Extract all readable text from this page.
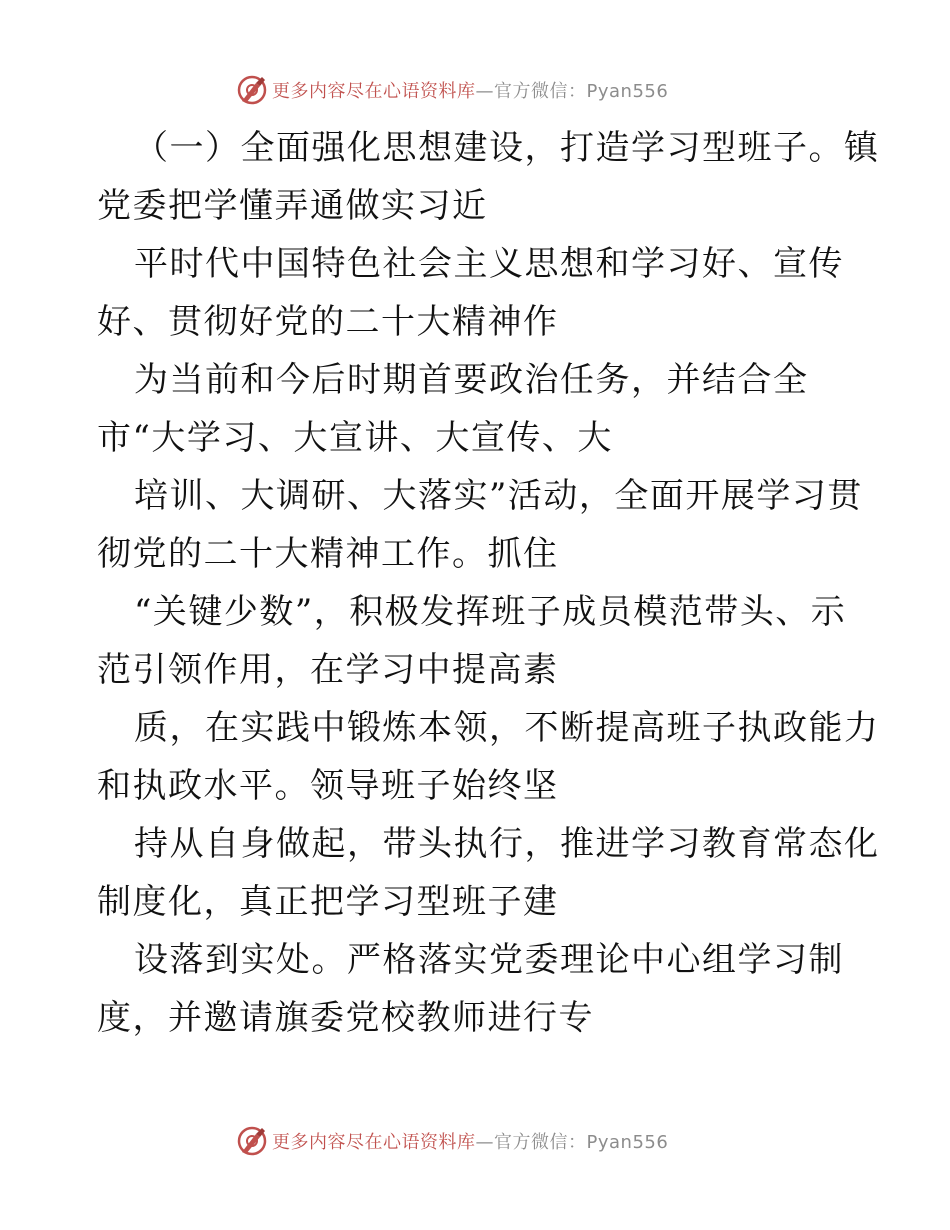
更多内容尽在心语资料库 —官方微信：Pyan556
（一）全面强化思想建设，打造学习型班子。镇
党委把学懂弄通做实习近
平时代中国特色社会主义思想和学习好、宣传
好、贯彻好党的二十大精神作
为当前和今后时期首要政治任务，并结合全
市“大学习、大宣讲、大宣传、大
培训、大调研、大落实”活动，全面开展学习贯
彻党的二十大精神工作。抓住
“关键少数”，积极发挥班子成员模范带头、示
范引领作用，在学习中提高素
质，在实践中锻炼本领，不断提高班子执政能力
和执政水平。领导班子始终坚
持从自身做起，带头执行，推进学习教育常态化
制度化，真正把学习型班子建
设落到实处。严格落实党委理论中心组学习制
度，并邀请旗委党校教师进行专
更多内容尽在心语资料库 —官方微信：Pyan556
